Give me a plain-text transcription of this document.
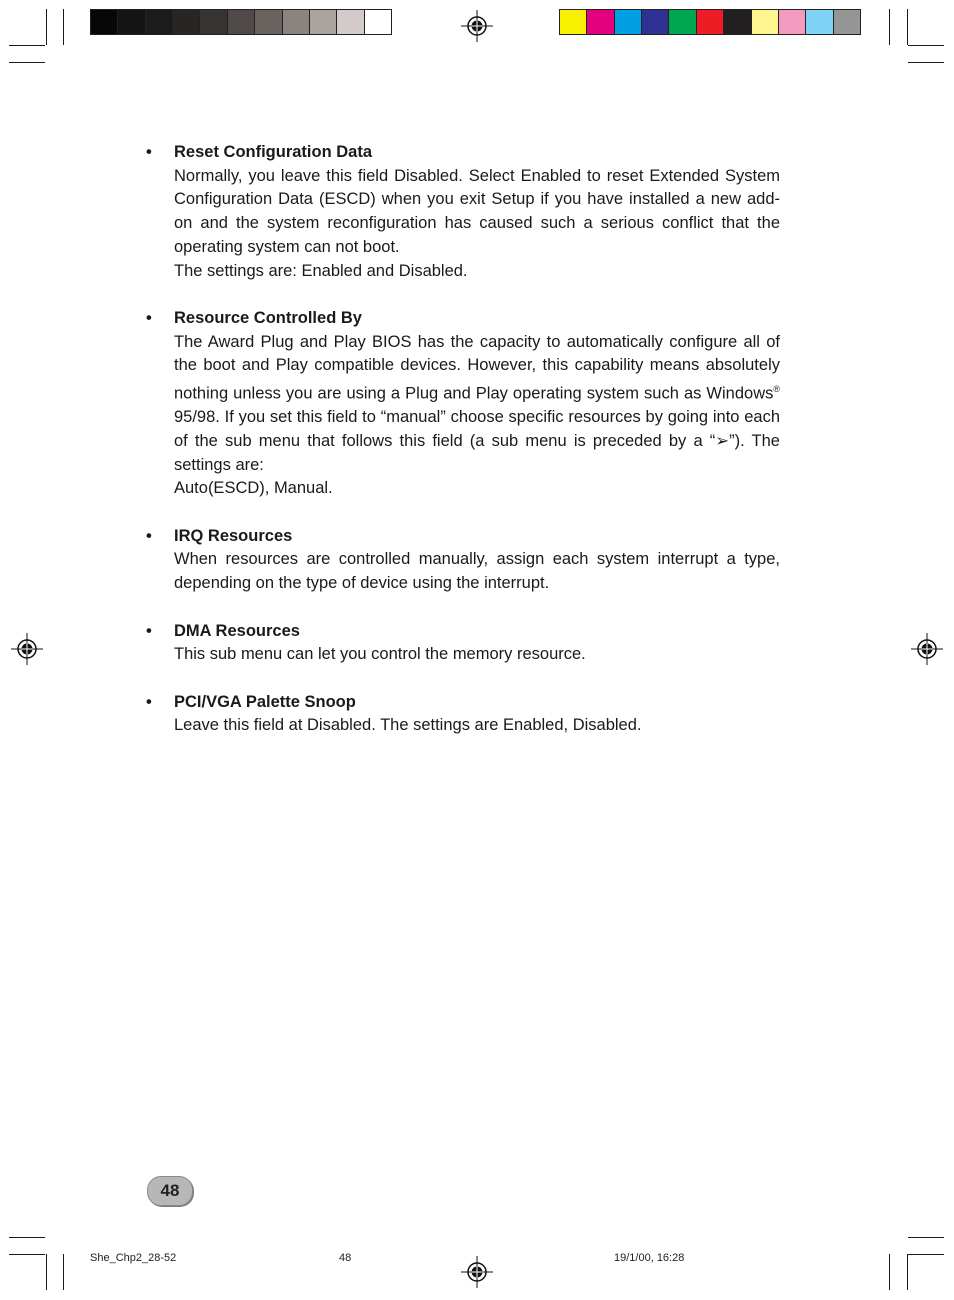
• Reset Configuration Data

Normally, you leave this field Disabled. Select Enabled to reset Extended System Configuration Data (ESCD) when you exit Setup if you have installed a new add-on and the system reconfiguration has caused such a serious conflict that the operating system can not boot.

The settings are: Enabled and Disabled.

• Resource Controlled By

The Award Plug and Play BIOS has the capacity to automatically configure all of the boot and Play compatible devices. However, this capability means absolutely nothing unless you are using a Plug and Play operating system such as Windows® 95/98. If you set this field to “manual” choose specific resources by going into each of the sub menu that follows this field (a sub menu is preceded by a “➢”). The settings are:

Auto(ESCD), Manual.

• IRQ Resources

When resources are controlled manually, assign each system interrupt a type, depending on the type of device using the interrupt.

• DMA Resources

This sub menu can let you control the memory resource.

• PCI/VGA Palette Snoop

Leave this field at Disabled. The settings are Enabled, Disabled.

48
She_Chp2_28-52	48	19/1/00, 16:28
